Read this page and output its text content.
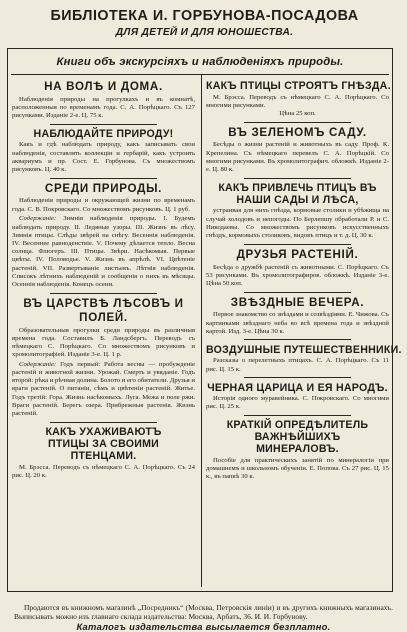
БИБЛІОТЕКА И. ГОРБУНОВА-ПОСАДОВА
ДЛЯ ДЕТЕЙ И ДЛЯ ЮНОШЕСТВА.
Книги объ экскурсіяхъ и наблюденіяхъ природы.
НА ВОЛѢ И ДОМА.
Наблюденія природы на прогулкахъ и въ комнатѣ, расположенныя по временамъ года. С. А. Порѣцкаго. Съ 127 рисунками. Изданіе 2-е. Ц. 75 к.
НАБЛЮДАЙТЕ ПРИРОДУ!
Какъ и гдѣ наблюдать природу, какъ записывать свои наблюденія, составлять коллекціи и гербарій, какъ устроить аквариумъ и пр. Сост. Е. Горбунова. Съ множествомъ рисунковъ. Ц. 40 к.
СРЕДИ ПРИРОДЫ.
Наблюденія природы и окружающей жизни по временамъ года. С. В. Покровскаго. Со множествомъ рисунковъ. Ц. 1 руб.
Содержаніе: Зимнія наблюденія природы. I. Будемъ наблюдать природу. II. Ледяные узоры. III. Жизнь въ лѣсу. Зимнія птицы. Слѣды звѣрей на снѣгу. Весеннія наблюденія. IV. Весеннее равноденствіе. V. Почему дѣлается тепло. Весна солнца. Флюгеръ. III. Птицы. Звѣри. Насѣкомыя. Первые цвѣты. IV. Половодье. V. Жизнь въ апрѣлѣ. VI. Цвѣтеніе растеній. VII. Развертываніе листьевъ. Лѣтнія наблюденія. Списокъ лѣтнихъ наблюденій и сообщенія о нихъ въ мѣсяцы. Осеннія наблюденія. Конецъ осени.
ВЪ ЦАРСТВѢ ЛѢСОВЪ И ПОЛЕЙ.
Образовательныя прогулки среди природы въ различныя времена года. Составилъ Б. Ландсбергъ. Переводъ съ нѣмецкаго С. Порѣцкаго. Со множествомъ рисунковъ и хромолитографіей. Изданіе 3-е. Ц. 1 р.
Содержаніе: Годъ первый: Работа весны — пробужденіе растеній и животной жизни. Урожай. Смерть и увяданіе. Годъ второй: рѣка и рѣчная долина. Болото и его обитатели. Друзья и враги растеній. О питаніи, сѣмъ и цвѣтеніи растеній. Житье. Годъ третій: Гора. Жизнь насѣкомыхъ. Луга. Межа и поле ржи. Враги растеній. Берегъ озера. Прибрежныя растенія. Жизнь растеній.
КАКЪ УХАЖИВАЮТЪ ПТИЦЫ ЗА СВОИМИ ПТЕНЦАМИ.
М. Брэсса. Переводъ съ нѣмецкаго С. А. Порѣцкаго. Съ 24 рис. Ц. 20 к.
КАКЪ ПТИЦЫ СТРОЯТЪ ГНѢЗДА.
М. Брэсса. Переводъ съ нѣмецкаго С. А. Порѣцкаго. Со многими рисунками.
Цѣна 25 коп.
ВЪ ЗЕЛЕНОМЪ САДУ.
Бесѣды о жизни растеній и животныхъ въ саду. Проф. К. Крепелина. Съ нѣмецкаго перевелъ С. А. Порѣцкій. Со многими рисунками. Въ хромолитографич. обложкѣ. Изданіе 2-е. Ц. 80 к.
КАКЪ ПРИВЛЕЧЬ ПТИЦЪ ВЪ НАШИ САДЫ И ЛѢСА,
устраивая для нихъ гнѣзда, кормовые столики и убѣжища на случай холодовъ и непогоды. По Берлепшу обработали Р. и С. Никодаевы. Со множествомъ рисунковъ искусственныхъ гнѣздъ, кормовыхъ столиковъ, видовъ птицъ и т. д. Ц. 30 к.
ДРУЗЬЯ РАСТЕНІЙ.
Бесѣда о дружбѣ растеній съ животными. С. Порѣцкаго. Съ 53 рисунками. Въ хромолитографиров. обложкѣ. Изданіе 3-е. Цѣна 50 коп.
ЗВѢЗДНЫЕ ВЕЧЕРА.
Первое знакомство со звѣздами и созвѣздіями. Е. Чижова. Съ картинками звѣзднаго неба во всѣ времена года и звѣздной картой. Изд. 3-е. Цѣна 30 к.
ВОЗДУШНЫЕ ПУТЕШЕСТВЕННИКИ.
Разсказы о перелетныхъ птицахъ. С. А. Порѣцкаго. Съ 11 рис. Ц. 15 к.
ЧЕРНАЯ ЦАРИЦА И ЕЯ НАРОДЪ.
Исторія одного муравейника. С. Покровскаго. Со многими рис. Ц. 25 к.
КРАТКІЙ ОПРЕДѢЛИТЕЛЬ ВАЖНѢЙШИХЪ МИНЕРАЛОВЪ.
Пособіе для практическихъ занятій по минералогіи при домашнемъ и школьномъ обученіи. Е. Попова. Съ 27 рис. Ц. 15 к., въ папкѣ 30 к.
Продаются въ книжномъ магазинѣ „Посредникъ“ (Москва, Петровскія линіи) и въ другихъ книжныхъ магазинахъ. Выписывать можно изъ главнаго склада издательства: Москва, Арбатъ, 36. И. И. Горбунову.
Каталогъ издательства высылается безплатно.
